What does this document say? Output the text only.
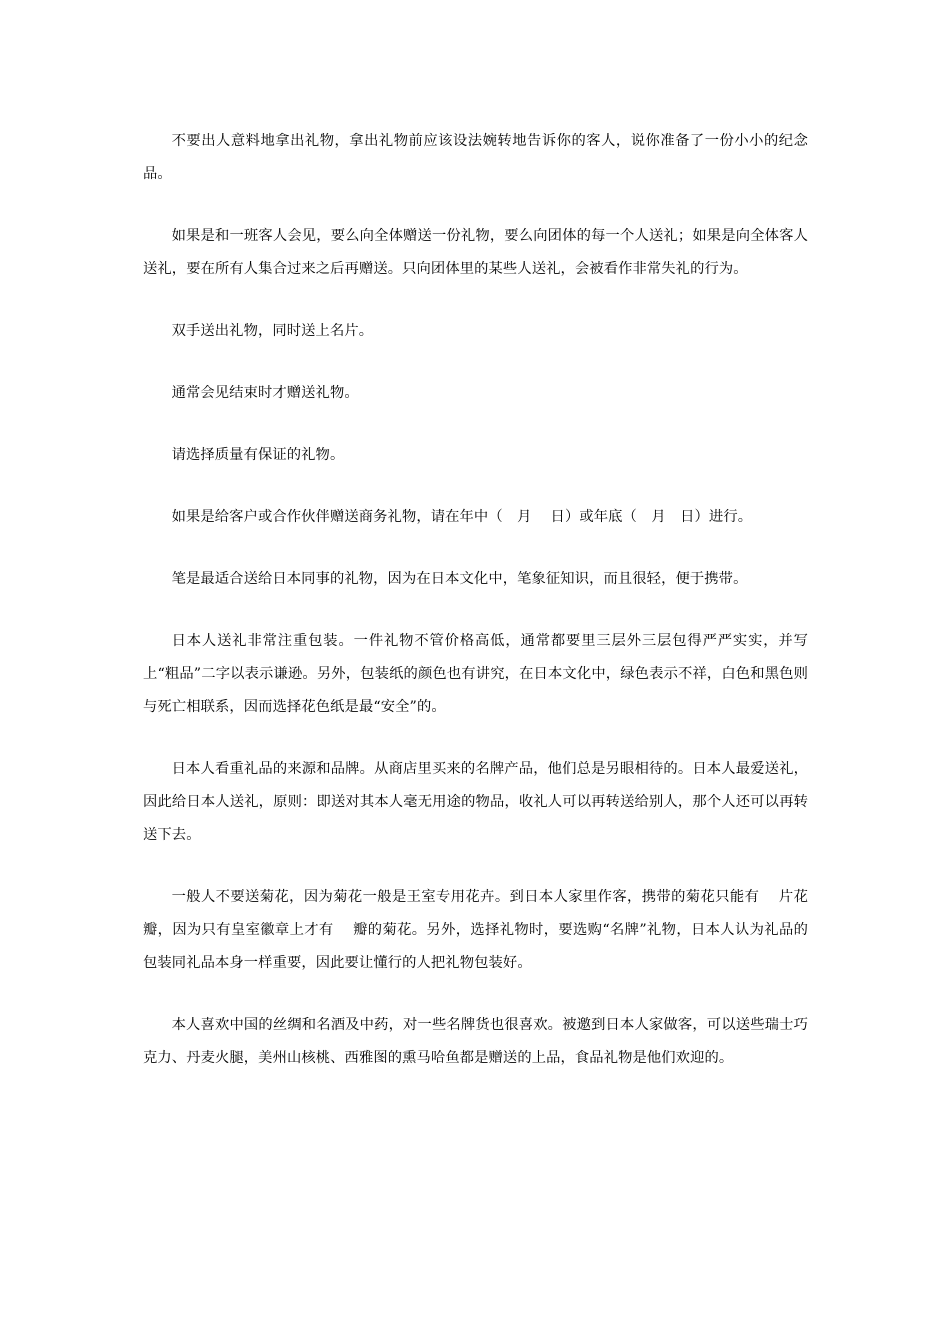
不要出人意料地拿出礼物，拿出礼物前应该设法婉转地告诉你的客人，说你准备了一份小小的纪念品。

如果是和一班客人会见，要么向全体赠送一份礼物，要么向团体的每一个人送礼；如果是向全体客人送礼，要在所有人集合过来之后再赠送。只向团体里的某些人送礼，会被看作非常失礼的行为。

双手送出礼物，同时送上名片。

通常会见结束时才赠送礼物。

请选择质量有保证的礼物。

如果是给客户或合作伙伴赠送商务礼物，请在年中（　月　 日）或年底（　月　日）进行。

笔是最适合送给日本同事的礼物，因为在日本文化中，笔象征知识，而且很轻，便于携带。

日本人送礼非常注重包装。一件礼物不管价格高低，通常都要里三层外三层包得严严实实，并写上“粗品”二字以表示谦逊。另外，包装纸的颜色也有讲究，在日本文化中，绿色表示不祥，白色和黑色则与死亡相联系，因而选择花色纸是最“安全”的。

日本人看重礼品的来源和品牌。从商店里买来的名牌产品，他们总是另眼相待的。日本人最爱送礼，因此给日本人送礼，原则：即送对其本人毫无用途的物品，收礼人可以再转送给别人，那个人还可以再转送下去。

一般人不要送菊花，因为菊花一般是王室专用花卉。到日本人家里作客，携带的菊花只能有　 片花瓣，因为只有皇室徽章上才有　 瓣的菊花。另外，选择礼物时，要选购“名牌”礼物，日本人认为礼品的包装同礼品本身一样重要，因此要让懂行的人把礼物包装好。

本人喜欢中国的丝绸和名酒及中药，对一些名牌货也很喜欢。被邀到日本人家做客，可以送些瑞士巧克力、丹麦火腿，美州山核桃、西雅图的熏马哈鱼都是赠送的上品，食品礼物是他们欢迎的。
